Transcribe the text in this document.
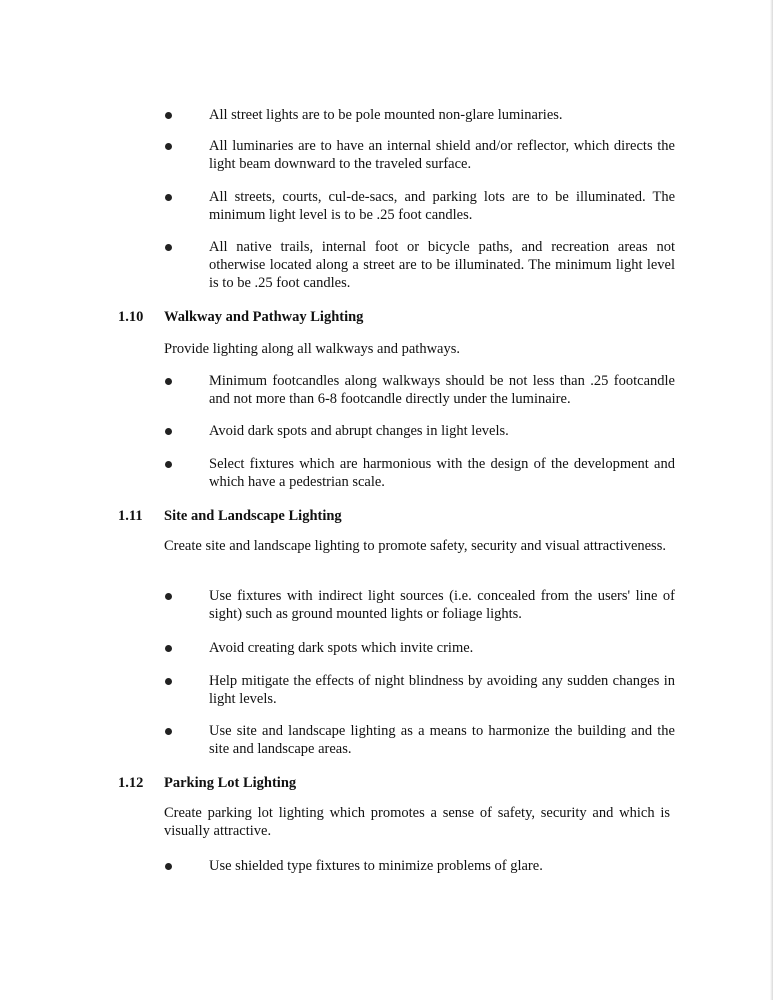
All street lights are to be pole mounted non-glare luminaries.
All luminaries are to have an internal shield and/or reflector, which directs the light beam downward to the traveled surface.
All streets, courts, cul-de-sacs, and parking lots are to be illuminated. The minimum light level is to be .25 foot candles.
All native trails, internal foot or bicycle paths, and recreation areas not otherwise located along a street are to be illuminated. The minimum light level is to be .25 foot candles.
1.10 Walkway and Pathway Lighting
Provide lighting along all walkways and pathways.
Minimum footcandles along walkways should be not less than .25 footcandle and not more than 6-8 footcandle directly under the luminaire.
Avoid dark spots and abrupt changes in light levels.
Select fixtures which are harmonious with the design of the development and which have a pedestrian scale.
1.11 Site and Landscape Lighting
Create site and landscape lighting to promote safety, security and visual attractiveness.
Use fixtures with indirect light sources (i.e. concealed from the users' line of sight) such as ground mounted lights or foliage lights.
Avoid creating dark spots which invite crime.
Help mitigate the effects of night blindness by avoiding any sudden changes in light levels.
Use site and landscape lighting as a means to harmonize the building and the site and landscape areas.
1.12 Parking Lot Lighting
Create parking lot lighting which promotes a sense of safety, security and which is visually attractive.
Use shielded type fixtures to minimize problems of glare.
